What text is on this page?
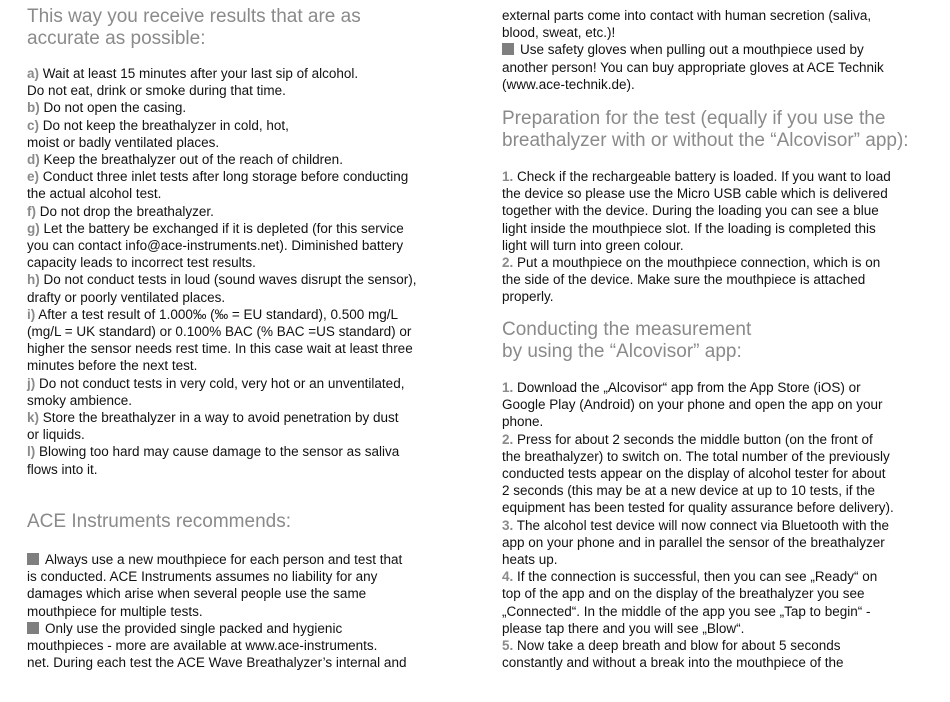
This way you receive results that are as
accurate as possible:
a) Wait at least 15 minutes after your last sip of alcohol.
Do not eat, drink or smoke during that time.
b) Do not open the casing.
c) Do not keep the breathalyzer in cold, hot,
moist or badly ventilated places.
d) Keep the breathalyzer out of the reach of children.
e) Conduct three inlet tests after long storage before conducting
the actual alcohol test.
f) Do not drop the breathalyzer.
g) Let the battery be exchanged if it is depleted (for this service
you can contact info@ace-instruments.net). Diminished battery
capacity leads to incorrect test results.
h) Do not conduct tests in loud (sound waves disrupt the sensor),
drafty or poorly ventilated places.
i) After a test result of 1.000‰ (‰ = EU standard), 0.500 mg/L
(mg/L = UK standard) or 0.100% BAC (% BAC =US standard) or
higher the sensor needs rest time. In this case wait at least three
minutes before the next test.
j) Do not conduct tests in very cold, very hot or an unventilated,
smoky ambience.
k) Store the breathalyzer in a way to avoid penetration by dust
or liquids.
l) Blowing too hard may cause damage to the sensor as saliva
flows into it.
ACE Instruments recommends:
Always use a new mouthpiece for each person and test that
is conducted. ACE Instruments assumes no liability for any
damages which arise when several people use the same
mouthpiece for multiple tests.
Only use the provided single packed and hygienic
mouthpieces - more are available at www.ace-instruments.
net. During each test the ACE Wave Breathalyzer’s internal and
external parts come into contact with human secretion (saliva,
blood, sweat, etc.)!
Use safety gloves when pulling out a mouthpiece used by
another person! You can buy appropriate gloves at ACE Technik
(www.ace-technik.de).
Preparation for the test (equally if you use the
breathalyzer with or without the “Alcovisor” app):
1. Check if the rechargeable battery is loaded. If you want to load
the device so please use the Micro USB cable which is delivered
together with the device. During the loading you can see a blue
light inside the mouthpiece slot. If the loading is completed this
light will turn into green colour.
2. Put a mouthpiece on the mouthpiece connection, which is on
the side of the device. Make sure the mouthpiece is attached
properly.
Conducting the measurement
by using the “Alcovisor” app:
1. Download the „Alcovisor“ app from the App Store (iOS) or
Google Play (Android) on your phone and open the app on your
phone.
2. Press for about 2 seconds the middle button (on the front of
the breathalyzer) to switch on. The total number of the previously
conducted tests appear on the display of alcohol tester for about
2 seconds (this may be at a new device at up to 10 tests, if the
equipment has been tested for quality assurance before delivery).
3. The alcohol test device will now connect via Bluetooth with the
app on your phone and in parallel the sensor of the breathalyzer
heats up.
4. If the connection is successful, then you can see „Ready“ on
top of the app and on the display of the breathalyzer you see
„Connected“. In the middle of the app you see „Tap to begin“ -
please tap there and you will see „Blow“.
5. Now take a deep breath and blow for about 5 seconds
constantly and without a break into the mouthpiece of the
